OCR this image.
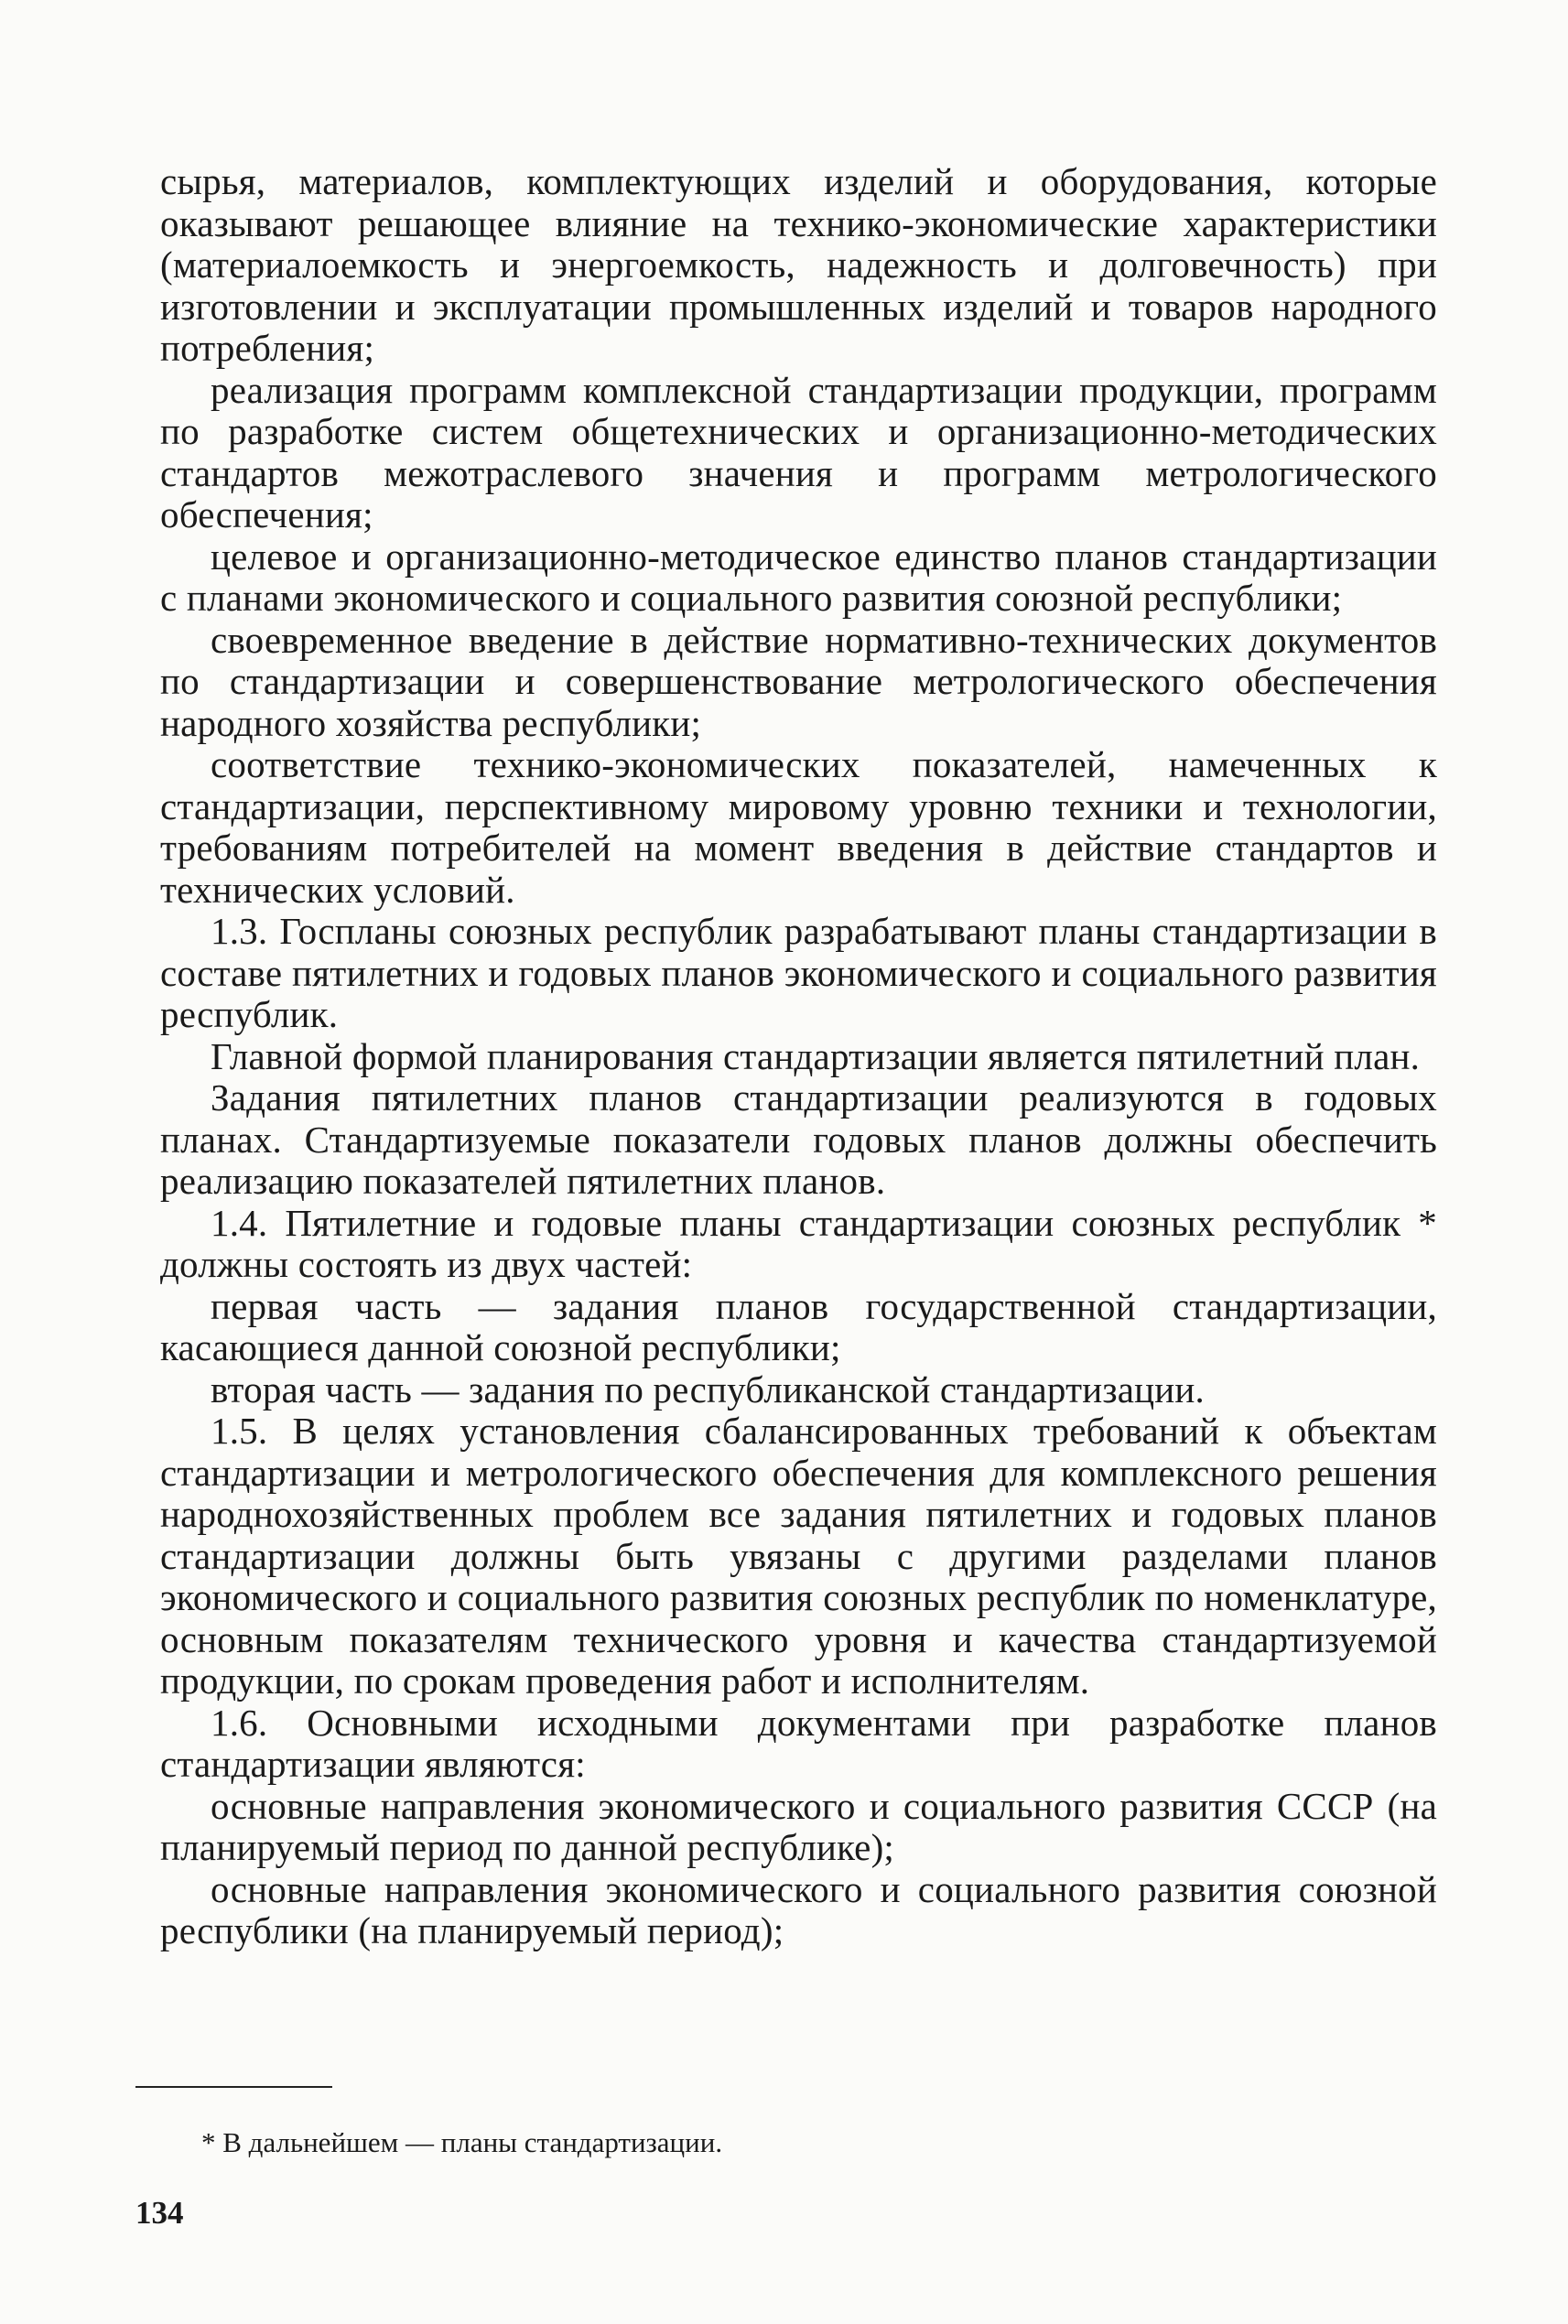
сырья, материалов, комплектующих изделий и оборудования, которые оказывают решающее влияние на технико-экономические характеристики (материалоемкость и энергоемкость, надежность и долговечность) при изготовлении и эксплуатации промышленных изделий и товаров народного потребления;

реализация программ комплексной стандартизации продукции, программ по разработке систем общетехнических и организационно-методических стандартов межотраслевого значения и программ метрологического обеспечения;

целевое и организационно-методическое единство планов стандартизации с планами экономического и социального развития союзной республики;

своевременное введение в действие нормативно-технических документов по стандартизации и совершенствование метрологического обеспечения народного хозяйства республики;

соответствие технико-экономических показателей, намеченных к стандартизации, перспективному мировому уровню техники и технологии, требованиям потребителей на момент введения в действие стандартов и технических условий.

1.3. Госпланы союзных республик разрабатывают планы стандартизации в составе пятилетних и годовых планов экономического и социального развития республик.

Главной формой планирования стандартизации является пятилетний план.

Задания пятилетних планов стандартизации реализуются в годовых планах. Стандартизуемые показатели годовых планов должны обеспечить реализацию показателей пятилетних планов.

1.4. Пятилетние и годовые планы стандартизации союзных республик * должны состоять из двух частей:

первая часть — задания планов государственной стандартизации, касающиеся данной союзной республики;

вторая часть — задания по республиканской стандартизации.

1.5. В целях установления сбалансированных требований к объектам стандартизации и метрологического обеспечения для комплексного решения народнохозяйственных проблем все задания пятилетних и годовых планов стандартизации должны быть увязаны с другими разделами планов экономического и социального развития союзных республик по номенклатуре, основным показателям технического уровня и качества стандартизуемой продукции, по срокам проведения работ и исполнителям.

1.6. Основными исходными документами при разработке планов стандартизации являются:

основные направления экономического и социального развития СССР (на планируемый период по данной республике);

основные направления экономического и социального развития союзной республики (на планируемый период);

* В дальнейшем — планы стандартизации.
134
